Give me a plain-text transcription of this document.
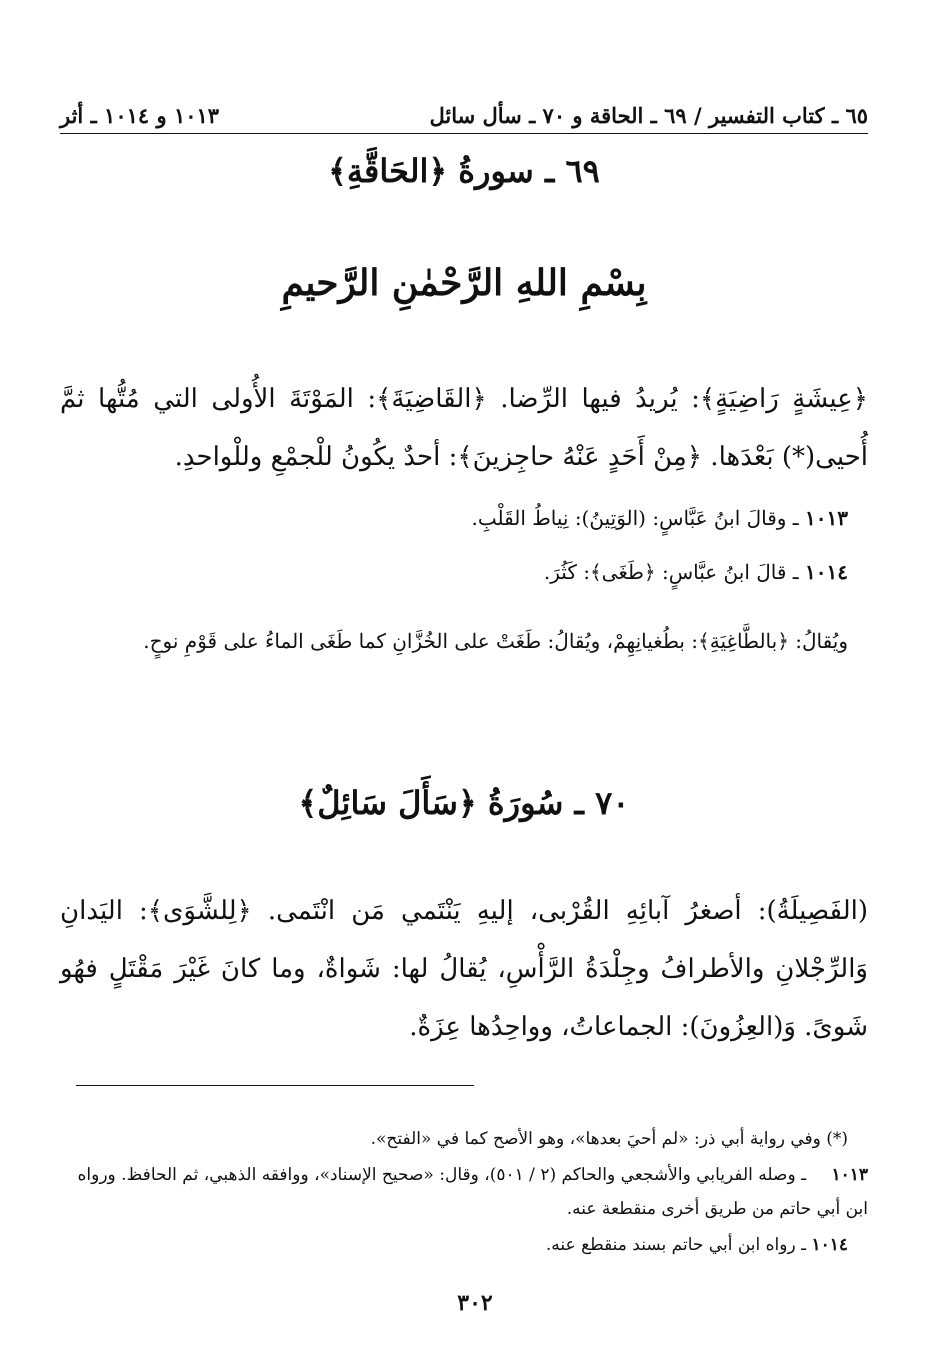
٦٥ ـ كتاب التفسير / ٦٩ ـ الحاقة و ٧٠ ـ سأل سائل
١٠١٣ و ١٠١٤ ـ أثر
٦٩ ـ سورةُ ﴿الحَاقَّةِ﴾
بِسْمِ اللهِ الرَّحْمٰنِ الرَّحيمِ
﴿عِيشَةٍ رَاضِيَةٍ﴾: يُريدُ فيها الرِّضا. ﴿القَاضِيَةَ﴾: المَوْتَةَ الأُولى التي مُتُّها ثمَّ أُحيى(*) بَعْدَها. ﴿مِنْ أَحَدٍ عَنْهُ حاجِزينَ﴾: أحدٌ يكُونُ للْجمْعِ وللْواحدِ.
١٠١٣ ـ وقالَ ابنُ عَبَّاسٍ: (الوَتِينُ): نِياطُ القَلْبِ.
١٠١٤ ـ قالَ ابنُ عبَّاسٍ: ﴿طَغَى﴾: كَثُرَ.
ويُقالُ: ﴿بالطَّاغِيَةِ﴾: بطُغيانِهِمْ، ويُقالُ: طَغَتْ على الخُزَّانِ كما طَغَى الماءُ على قَوْمِ نوحٍ.
٧٠ ـ سُورَةُ ﴿سَأَلَ سَائِلٌ﴾
(الفَصِيلَةُ): أصغرُ آبائِهِ القُرْبى، إليهِ يَنْتَمي مَن انْتَمى. ﴿لِلشَّوَى﴾: اليَدانِ وَالرِّجْلانِ والأطرافُ وجِلْدَةُ الرَّأْسِ، يُقالُ لها: شَواةٌ، وما كانَ غَيْرَ مَقْتَلٍ فهُو شَوىً. وَ(العِزُونَ): الجماعاتُ، وواحِدُها عِزَةٌ.

(*) وفي رواية أبي ذر: «لم أحيَ بعدها»، وهو الأصح كما في «الفتح».

١٠١٣ ـ وصله الفريابي والأشجعي والحاكم (٢ / ٥٠١)، وقال: «صحيح الإسناد»، ووافقه الذهبي، ثم الحافظ. ورواه ابن أبي حاتم من طريق أخرى منقطعة عنه.

١٠١٤ ـ رواه ابن أبي حاتم بسند منقطع عنه.

٣٠٢
